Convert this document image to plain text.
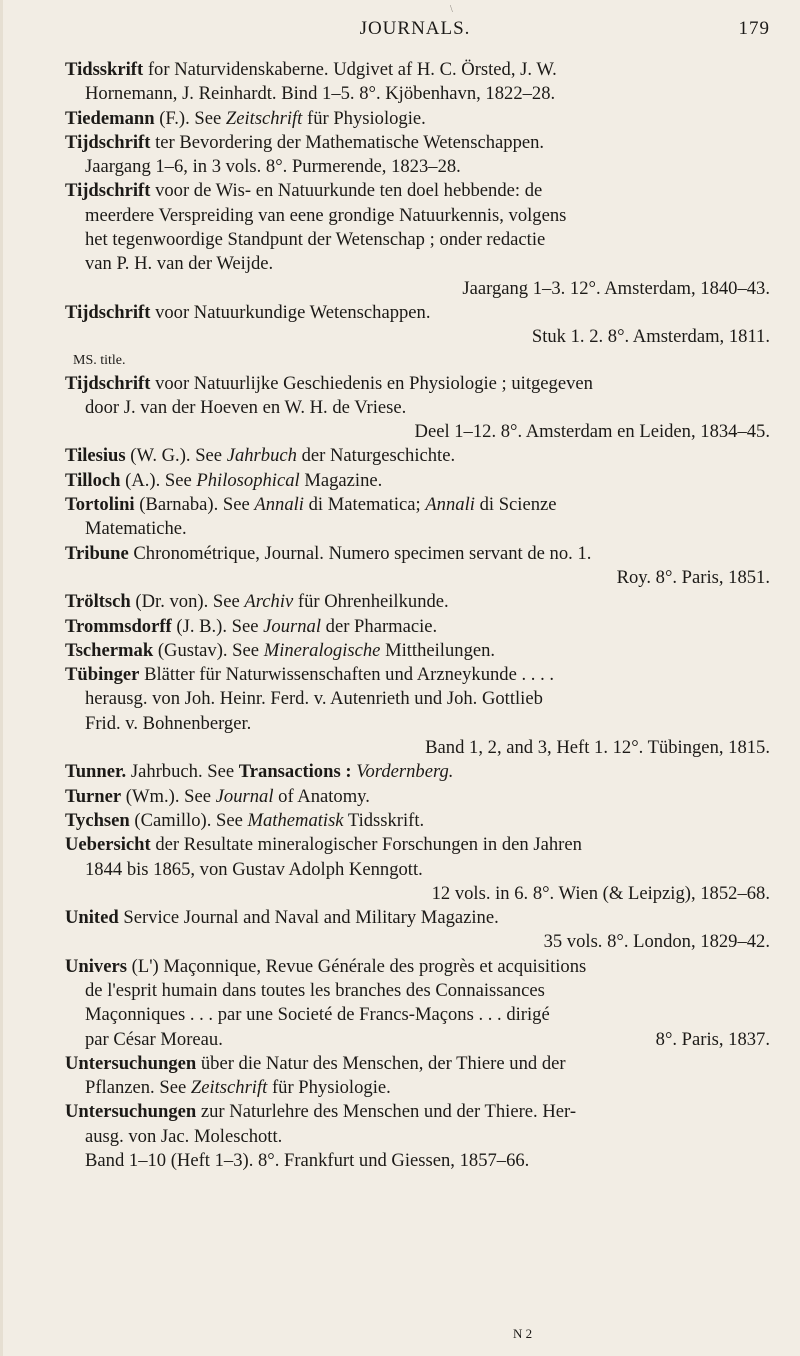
\
JOURNALS.	179
Tidsskrift for Naturvidenskaberne. Udgivet af H. C. Örsted, J. W.
Hornemann, J. Reinhardt. Bind 1–5. 8°. Kjöbenhavn, 1822–28.
Tiedemann (F.). See Zeitschrift für Physiologie.
Tijdschrift ter Bevordering der Mathematische Wetenschappen.
Jaargang 1–6, in 3 vols. 8°. Purmerende, 1823–28.
Tijdschrift voor de Wis- en Natuurkunde ten doel hebbende: de
meerdere Verspreiding van eene grondige Natuurkennis, volgens
het tegenwoordige Standpunt der Wetenschap ; onder redactie
van P. H. van der Weijde.
Jaargang 1–3. 12°. Amsterdam, 1840–43.
Tijdschrift voor Natuurkundige Wetenschappen.
Stuk 1. 2. 8°. Amsterdam, 1811.
MS. title.
Tijdschrift voor Natuurlijke Geschiedenis en Physiologie ; uitgegeven
door J. van der Hoeven en W. H. de Vriese.
Deel 1–12. 8°. Amsterdam en Leiden, 1834–45.
Tilesius (W. G.). See Jahrbuch der Naturgeschichte.
Tilloch (A.). See Philosophical Magazine.
Tortolini (Barnaba). See Annali di Matematica; Annali di Scienze
Matematiche.
Tribune Chronométrique, Journal. Numero specimen servant de no. 1.
Roy. 8°. Paris, 1851.
Tröltsch (Dr. von). See Archiv für Ohrenheilkunde.
Trommsdorff (J. B.). See Journal der Pharmacie.
Tschermak (Gustav). See Mineralogische Mittheilungen.
Tübinger Blätter für Naturwissenschaften und Arzneykunde . . . .
herausg. von Joh. Heinr. Ferd. v. Autenrieth und Joh. Gottlieb
Frid. v. Bohnenberger.
Band 1, 2, and 3, Heft 1. 12°. Tübingen, 1815.
Tunner. Jahrbuch. See Transactions : Vordernberg.
Turner (Wm.). See Journal of Anatomy.
Tychsen (Camillo). See Mathematisk Tidsskrift.
Uebersicht der Resultate mineralogischer Forschungen in den Jahren
1844 bis 1865, von Gustav Adolph Kenngott.
12 vols. in 6. 8°. Wien (& Leipzig), 1852–68.
United Service Journal and Naval and Military Magazine.
35 vols. 8°. London, 1829–42.
Univers (L') Maçonnique, Revue Générale des progrès et acquisitions
de l'esprit humain dans toutes les branches des Connaissances
Maçonniques . . . par une Societé de Francs-Maçons . . . dirigé
par César Moreau.	8°. Paris, 1837.
Untersuchungen über die Natur des Menschen, der Thiere und der
Pflanzen. See Zeitschrift für Physiologie.
Untersuchungen zur Naturlehre des Menschen und der Thiere. Her-
ausg. von Jac. Moleschott.
Band 1–10 (Heft 1–3). 8°. Frankfurt und Giessen, 1857–66.
N 2
